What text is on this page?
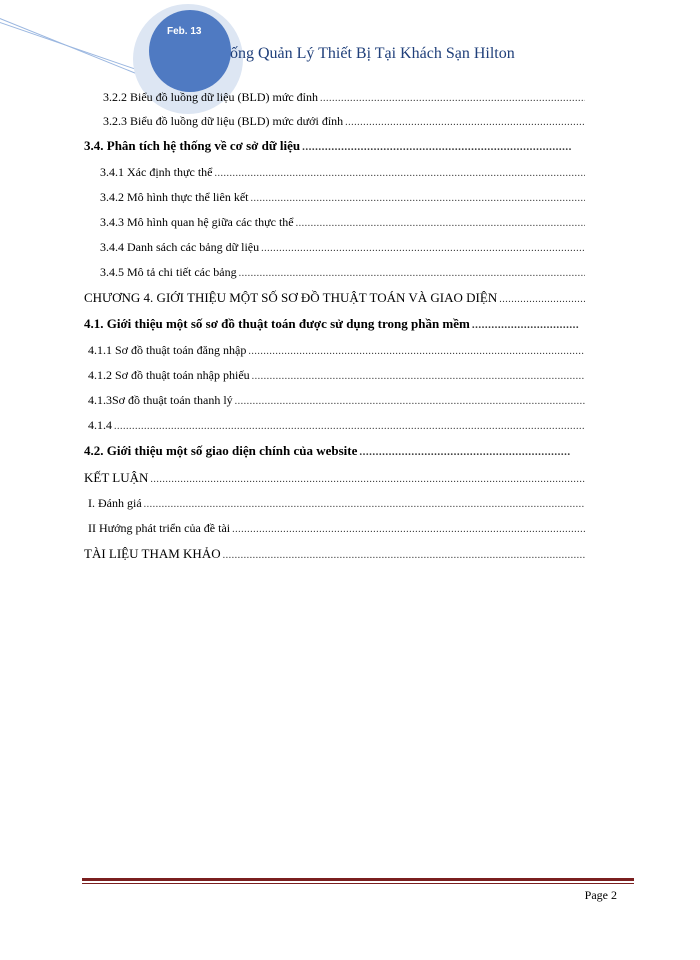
Feb. 13
ống Quản Lý Thiết Bị Tại Khách Sạn Hilton
3.2.2 Biểu đồ luồng dữ liệu (BLD) mức đỉnh
.....
3.2.3 Biểu đồ luồng dữ liệu (BLD) mức dưới đỉnh
.....
3.4. Phân tích hệ thống về cơ sở dữ liệu
.....
3.4.1 Xác định thực thể
.....
3.4.2 Mô hình thực thể liên kết
.....
3.4.3 Mô hình quan hệ giữa các thực thể
.....
3.4.4 Danh sách các bảng dữ liệu
.....
3.4.5 Mô tả chi tiết các bảng
.....
CHƯƠNG 4. GIỚI THIỆU MỘT SỐ SƠ ĐỒ THUẬT TOÁN VÀ GIAO DIỆN
.....
4.1. Giới thiệu một số sơ đồ thuật toán được sử dụng trong phần mềm
.....
4.1.1 Sơ đồ thuật toán đăng nhập
.....
4.1.2 Sơ đồ thuật toán nhập phiếu
.....
4.1.3Sơ đồ thuật toán thanh lý
.....
4.1.4
.....
4.2. Giới thiệu một số giao diện chính của website
.....
KẾT LUẬN
.....
I. Đánh giá
.....
II Hướng phát triển của đề tài
.....
TÀI LIỆU THAM KHẢO
.....
Page 2
